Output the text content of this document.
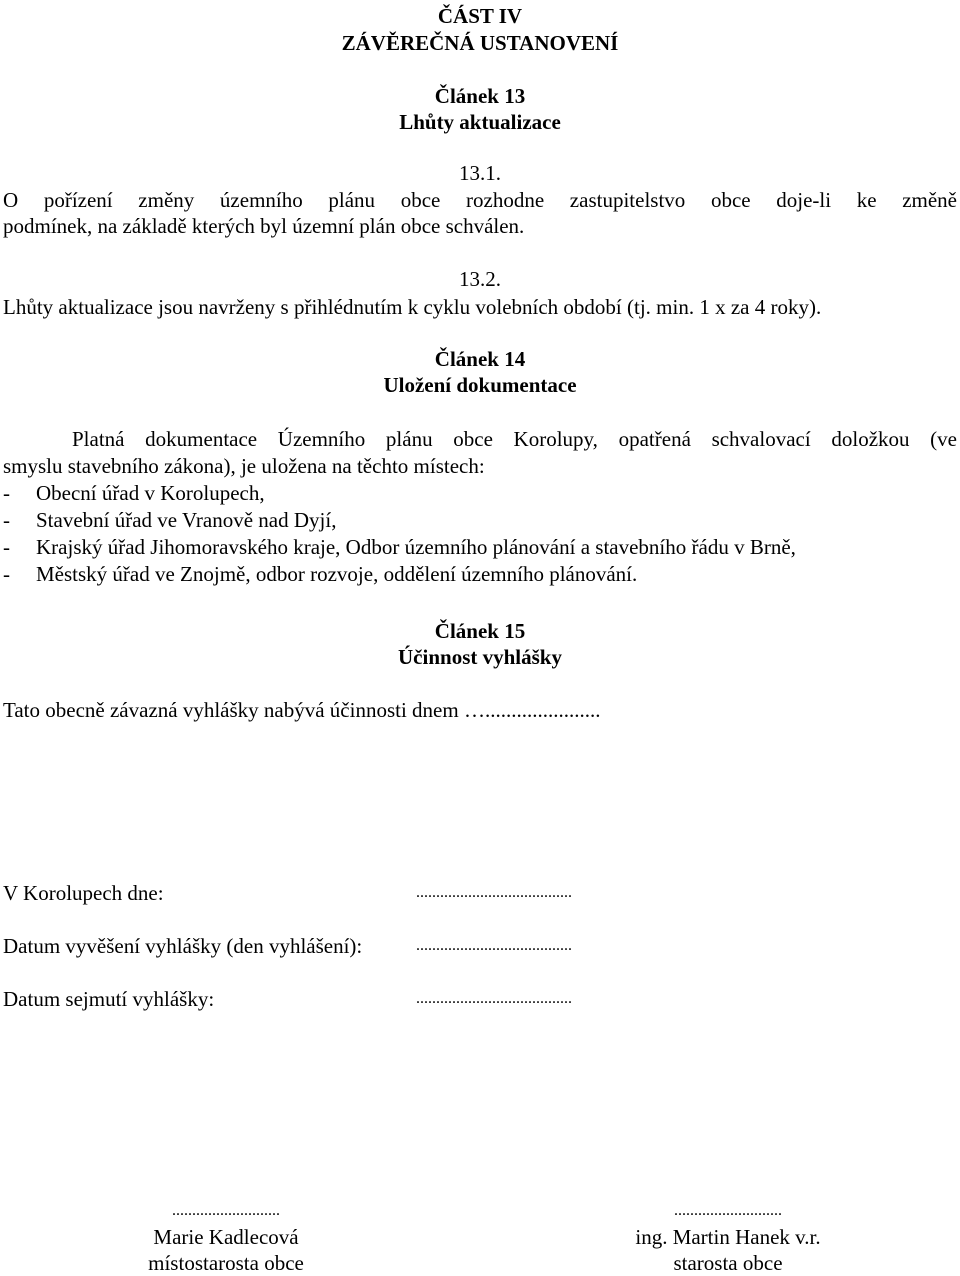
ČÁST IV
ZÁVĚREČNÁ USTANOVENÍ
Článek 13
Lhůty aktualizace
13.1.
O pořízení změny územního plánu obce rozhodne zastupitelstvo obce doje-li ke změně
podmínek, na základě kterých byl územní plán obce schválen.
13.2.
Lhůty aktualizace jsou navrženy s přihlédnutím k cyklu volebních období (tj. min. 1 x za 4 roky).
Článek 14
Uložení dokumentace
Platná dokumentace Územního plánu obce Korolupy, opatřená schvalovací doložkou (ve
smyslu stavebního zákona), je uložena na těchto místech:
- Obecní úřad v Korolupech,
- Stavební úřad ve Vranově nad Dyjí,
- Krajský úřad Jihomoravského kraje, Odbor územního plánování a stavebního řádu v Brně,
- Městský úřad ve Znojmě, odbor rozvoje, oddělení územního plánování.
Článek 15
Účinnost vyhlášky
Tato obecně závazná vyhlášky nabývá účinnosti dnem …......................
V Korolupech dne:	.......................................
Datum vyvěšení vyhlášky (den vyhlášení):	.......................................
Datum sejmutí vyhlášky:	.......................................
...........................
Marie Kadlecová
místostarosta obce
...........................
ing. Martin Hanek v.r.
starosta obce
